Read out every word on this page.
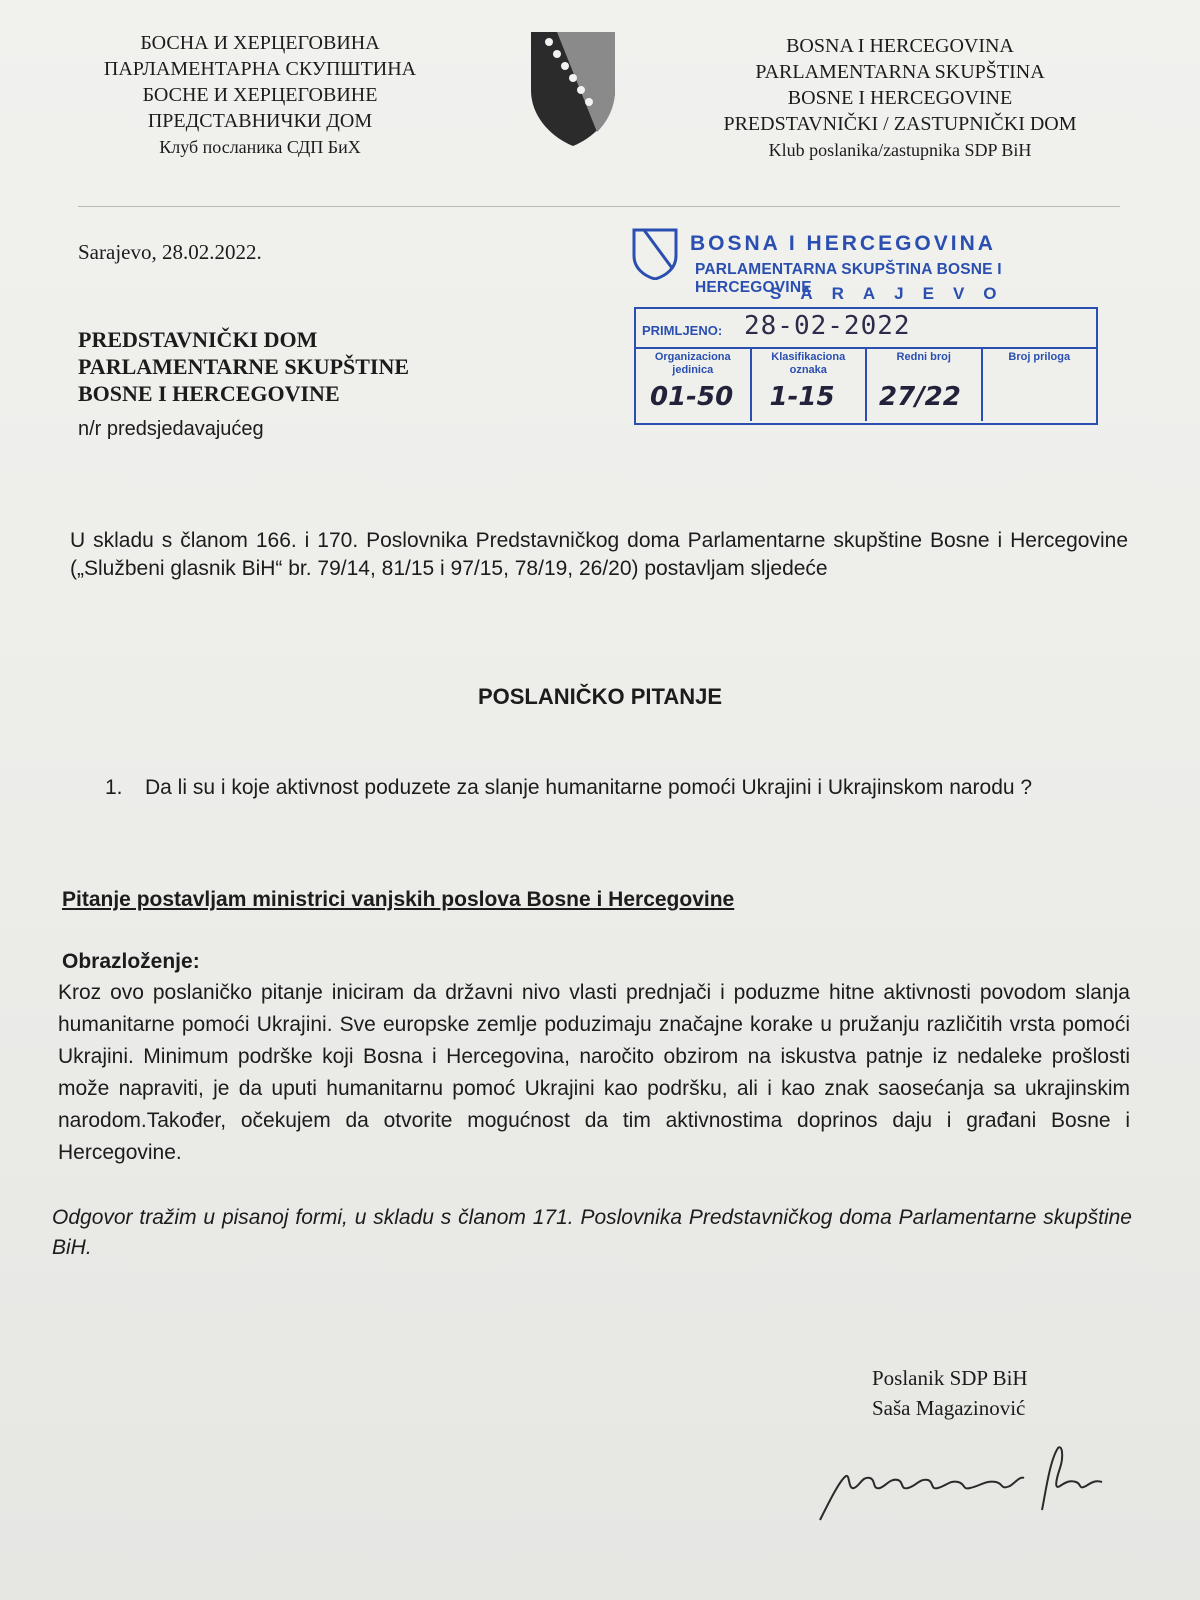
БОСНА И ХЕРЦЕГОВИНА
ПАРЛАМЕНТАРНА СКУПШТИНА
БОСНЕ И ХЕРЦЕГОВИНЕ
ПРЕДСТАВНИЧКИ ДОМ
Клуб посланика СДП БиХ
BOSNA I HERCEGOVINA
PARLAMENTARNA SKUPŠTINA
BOSNE I HERCEGOVINE
PREDSTAVNIČKI / ZASTUPNIČKI DOM
Klub poslanika/zastupnika SDP BiH
Sarajevo, 28.02.2022.
PREDSTAVNIČKI DOM
PARLAMENTARNE SKUPŠTINE
BOSNE I HERCEGOVINE
n/r predsjedavajućeg
BOSNA I HERCEGOVINA
PARLAMENTARNA SKUPŠTINA BOSNE I HERCEGOVINE
SARAJEVO
PRIMLJENO: 28-02-2022
Organizaciona jedinica
01-50
Klasifikaciona oznaka
1-15
Redni broj
27/22
Broj priloga
U skladu s članom 166. i 170. Poslovnika Predstavničkog doma Parlamentarne skupštine Bosne i Hercegovine („Službeni glasnik BiH“ br. 79/14, 81/15 i 97/15, 78/19, 26/20) postavljam sljedeće
POSLANIČKO PITANJE
1.	Da li su i koje aktivnost poduzete za slanje humanitarne pomoći Ukrajini i Ukrajinskom narodu ?
Pitanje postavljam ministrici vanjskih poslova Bosne i Hercegovine
Obrazloženje:
Kroz ovo poslaničko pitanje iniciram da državni nivo vlasti prednjači i poduzme hitne aktivnosti povodom slanja humanitarne pomoći Ukrajini. Sve europske zemlje poduzimaju značajne korake u pružanju različitih vrsta pomoći Ukrajini. Minimum podrške koji Bosna i Hercegovina, naročito obzirom na iskustva patnje iz nedaleke prošlosti može napraviti, je da uputi humanitarnu pomoć Ukrajini kao podršku, ali i kao znak saosećanja sa ukrajinskim narodom.Također, očekujem da otvorite mogućnost da tim aktivnostima doprinos daju i građani Bosne i Hercegovine.
Odgovor tražim u pisanoj formi, u skladu s članom 171. Poslovnika Predstavničkog doma Parlamentarne skupštine BiH.
Poslanik SDP BiH
Saša Magazinović
